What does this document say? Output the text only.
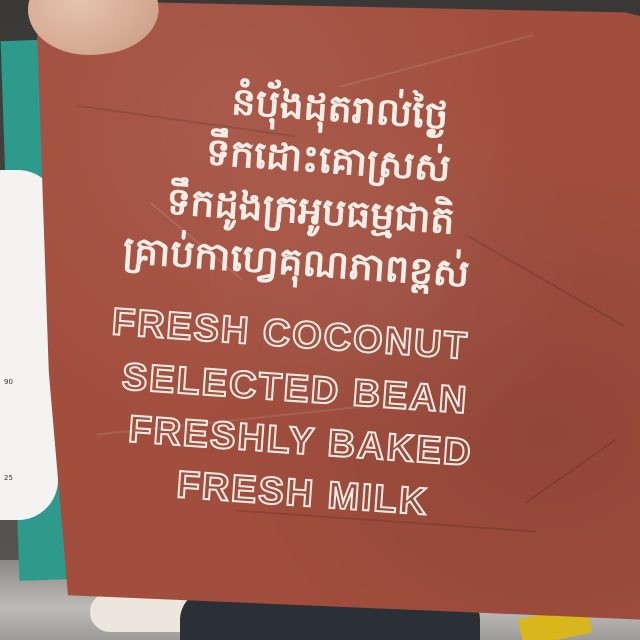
90
25
នំប៉័ងដុតរាល់ថ្ងៃ
ទឹកដោះគោស្រស់
ទឹកដូងក្រអូបធម្មជាតិ
គ្រាប់កាហ្វេគុណភាពខ្ពស់
FRESH COCONUT
SELECTED BEAN
FRESHLY BAKED
FRESH MILK
